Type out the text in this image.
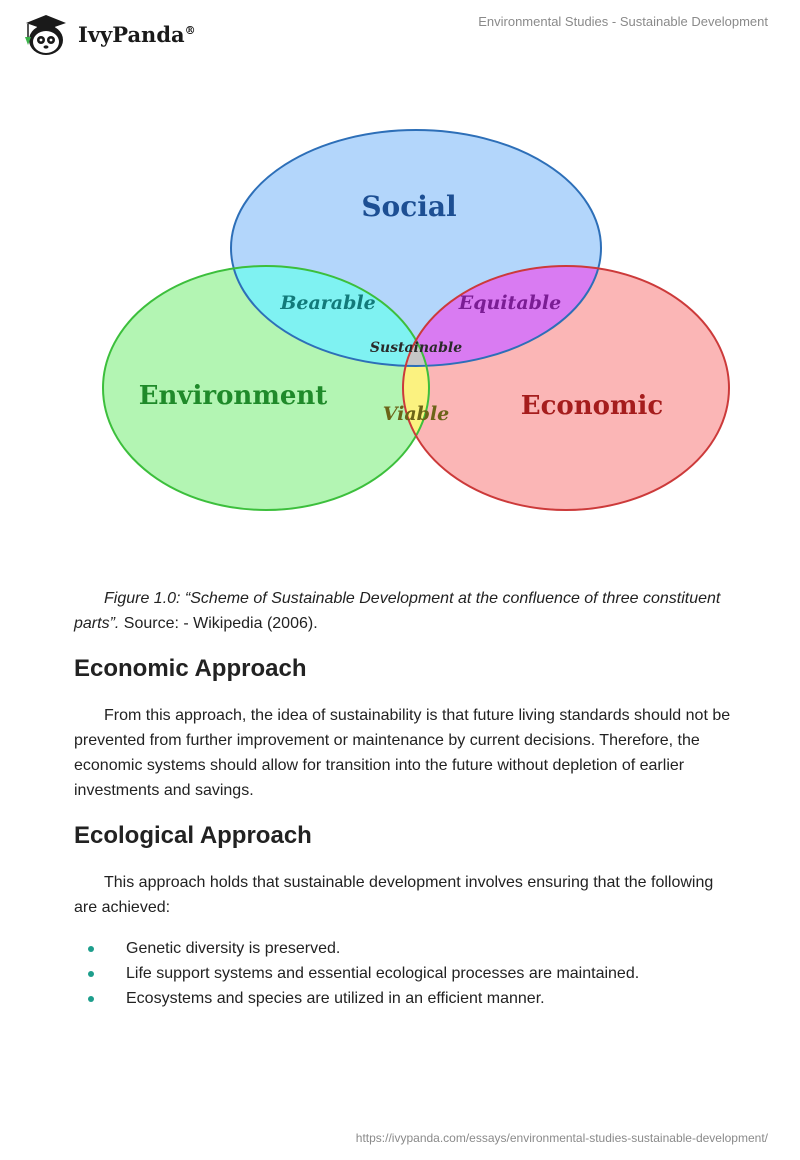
IvyPanda®
Environmental Studies - Sustainable Development
Social
Environment	Economic
Bearable	Equitable
Viable
Sustainable
Figure 1.0: “Scheme of Sustainable Development at the confluence of three constituent parts”. Source: - Wikipedia (2006).
Economic Approach

From this approach, the idea of sustainability is that future living standards should not be prevented from further improvement or maintenance by current decisions. Therefore, the economic systems should allow for transition into the future without depletion of earlier investments and savings.

Ecological Approach

This approach holds that sustainable development involves ensuring that the following are achieved:

Genetic diversity is preserved.
Life support systems and essential ecological processes are maintained.
Ecosystems and species are utilized in an efficient manner.
https://ivypanda.com/essays/environmental-studies-sustainable-development/
